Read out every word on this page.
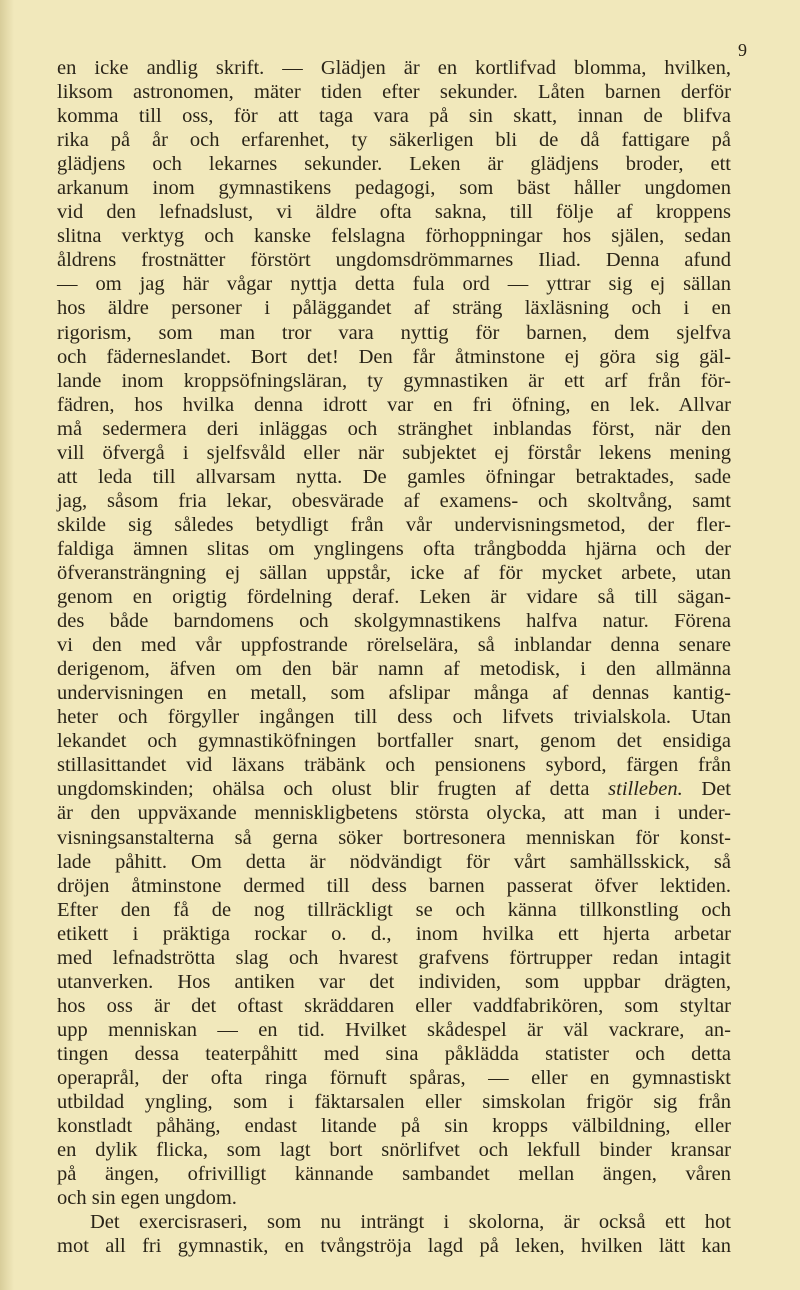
9
en icke andlig skrift. — Glädjen är en kortlifvad blomma, hvilken,
liksom astronomen, mäter tiden efter sekunder. Låten barnen derför
komma till oss, för att taga vara på sin skatt, innan de blifva
rika på år och erfarenhet, ty säkerligen bli de då fattigare på
glädjens och lekarnes sekunder. Leken är glädjens broder, ett
arkanum inom gymnastikens pedagogi, som bäst håller ungdomen
vid den lefnadslust, vi äldre ofta sakna, till följe af kroppens
slitna verktyg och kanske felslagna förhoppningar hos själen, sedan
åldrens frostnätter förstört ungdomsdrömmarnes Iliad. Denna afund
— om jag här vågar nyttja detta fula ord — yttrar sig ej sällan
hos äldre personer i påläggandet af sträng läxläsning och i en
rigorism, som man tror vara nyttig för barnen, dem sjelfva
och fäderneslandet. Bort det! Den får åtminstone ej göra sig gäl-
lande inom kroppsöfningsläran, ty gymnastiken är ett arf från för-
fädren, hos hvilka denna idrott var en fri öfning, en lek. Allvar
må sedermera deri inläggas och stränghet inblandas först, när den
vill öfvergå i sjelfsvåld eller när subjektet ej förstår lekens mening
att leda till allvarsam nytta. De gamles öfningar betraktades, sade
jag, såsom fria lekar, obesvärade af examens- och skoltvång, samt
skilde sig således betydligt från vår undervisningsmetod, der fler-
faldiga ämnen slitas om ynglingens ofta trångbodda hjärna och der
öfveransträngning ej sällan uppstår, icke af för mycket arbete, utan
genom en origtig fördelning deraf. Leken är vidare så till sägan-
des både barndomens och skolgymnastikens halfva natur. Förena
vi den med vår uppfostrande rörelselära, så inblandar denna senare
derigenom, äfven om den bär namn af metodisk, i den allmänna
undervisningen en metall, som afslipar många af dennas kantig-
heter och förgyller ingången till dess och lifvets trivialskola. Utan
lekandet och gymnastiköfningen bortfaller snart, genom det ensidiga
stillasittandet vid läxans träbänk och pensionens sybord, färgen från
ungdomskinden; ohälsa och olust blir frugten af detta stilleben. Det
är den uppväxande menniskligbetens största olycka, att man i under-
visningsanstalterna så gerna söker bortresonera menniskan för konst-
lade påhitt. Om detta är nödvändigt för vårt samhällsskick, så
dröjen åtminstone dermed till dess barnen passerat öfver lektiden.
Efter den få de nog tillräckligt se och känna tillkonstling och
etikett i präktiga rockar o. d., inom hvilka ett hjerta arbetar
med lefnadströtta slag och hvarest grafvens förtrupper redan intagit
utanverken. Hos antiken var det individen, som uppbar drägten,
hos oss är det oftast skräddaren eller vaddfabrikören, som styltar
upp menniskan — en tid. Hvilket skådespel är väl vackrare, an-
tingen dessa teaterpåhitt med sina påklädda statister och detta
operaprål, der ofta ringa förnuft spåras, — eller en gymnastiskt
utbildad yngling, som i fäktarsalen eller simskolan frigör sig från
konstladt påhäng, endast litande på sin kropps välbildning, eller
en dylik flicka, som lagt bort snörlifvet och lekfull binder kransar
på ängen, ofrivilligt kännande sambandet mellan ängen, våren
och sin egen ungdom.
Det exercisraseri, som nu inträngt i skolorna, är också ett hot
mot all fri gymnastik, en tvångströja lagd på leken, hvilken lätt kan
